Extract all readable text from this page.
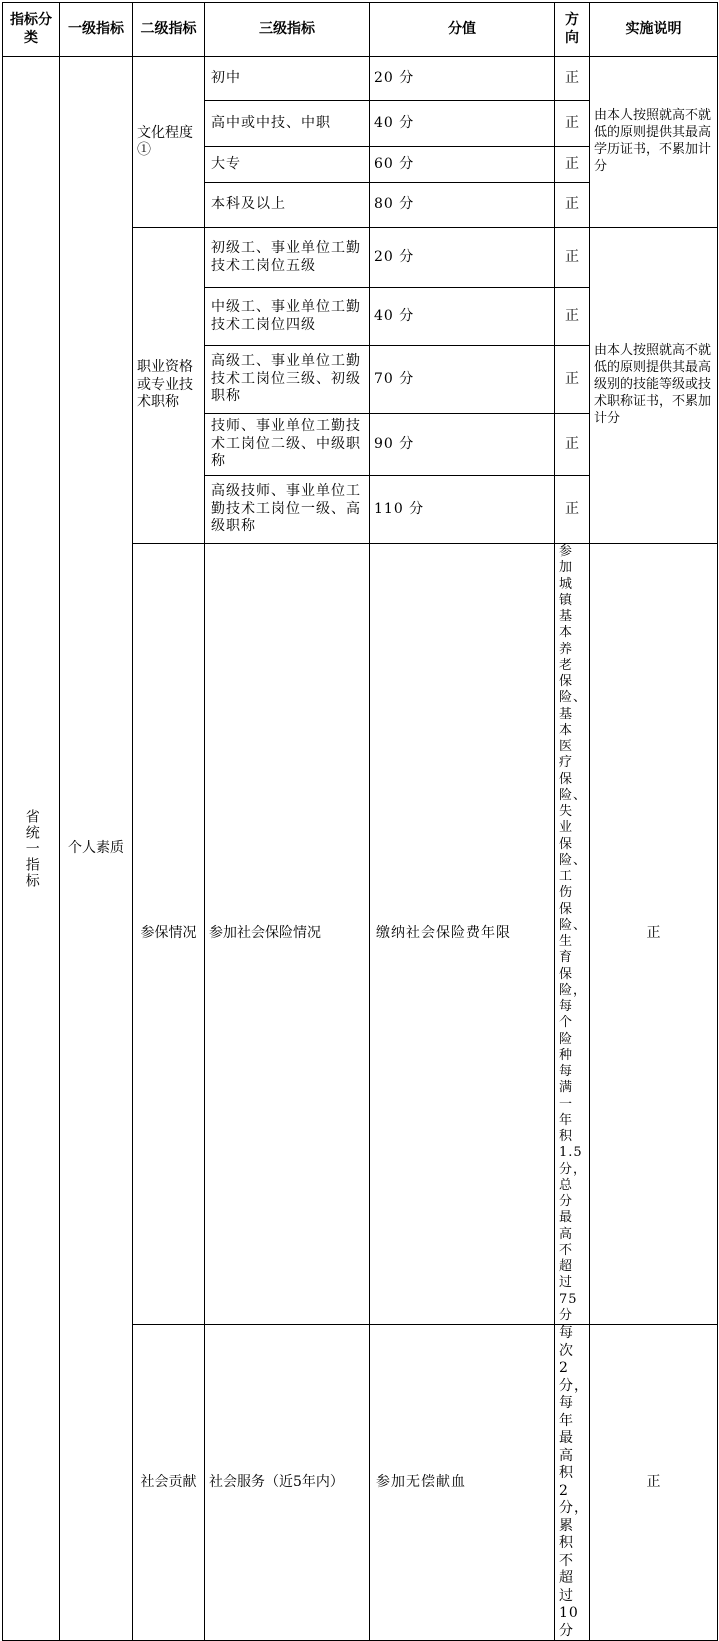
指标分类	一级指标	二级指标	三级指标	分值	方向	实施说明	

省统一指标	个人素质	文化程度①	初中	20 分	正	由本人按照就高不就低的原则提供其最高学历证书，不累加计分	
			高中或中技、中职	40 分	正		
			大专	60 分	正		
			本科及以上	80 分	正		
		职业资格或专业技术职称	初级工、事业单位工勤技术工岗位五级	20 分	正	由本人按照就高不就低的原则提供其最高级别的技能等级或技术职称证书，不累加计分	
			中级工、事业单位工勤技术工岗位四级	40 分	正		
			高级工、事业单位工勤技术工岗位三级、初级职称	70 分	正		
			技师、事业单位工勤技术工岗位二级、中级职称	90 分	正		
			高级技师、事业单位工勤技术工岗位一级、高级职称	110 分	正		
		参保情况	参加社会保险情况	缴纳社会保险费年限	参加城镇基本养老保险、基本医疗保险、失业保险、工伤保险、生育保险，每个险种每满一年积 1.5 分，总分最高不超过 75 分	正	
		社会贡献	社会服务（近5年内）	参加无偿献血	每次 2 分，每年最高积 2 分，累积不超过 10 分	正	
